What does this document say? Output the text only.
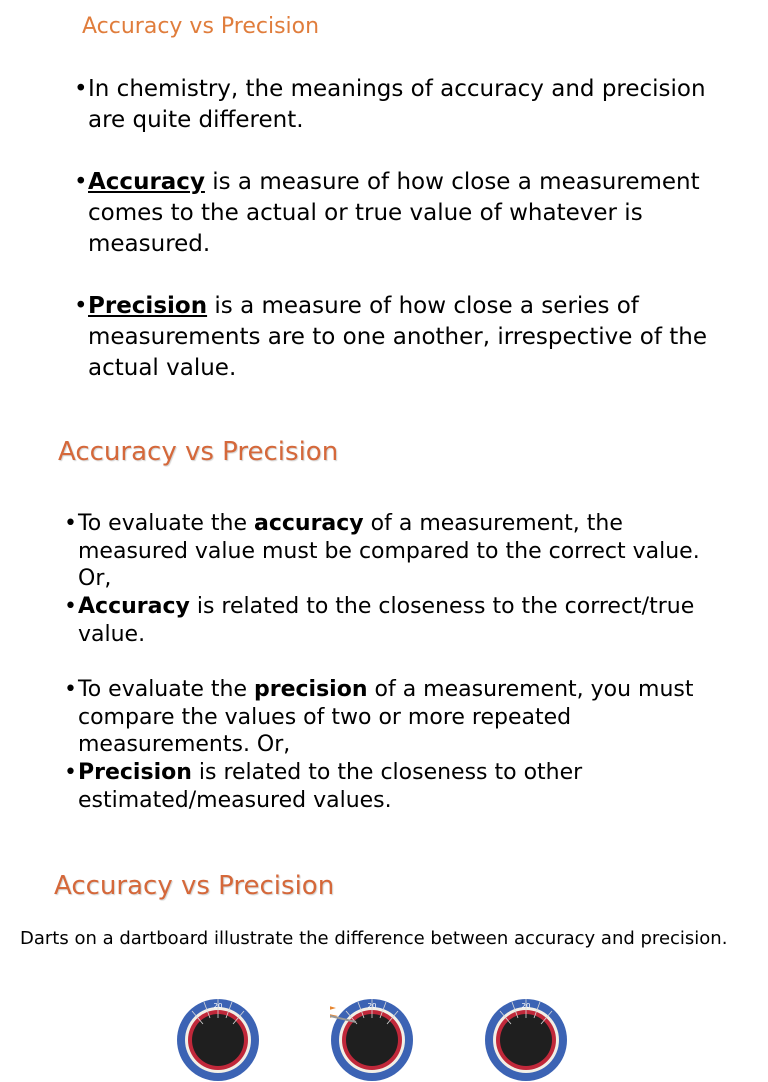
Accuracy vs Precision
• In chemistry, the meanings of accuracy and precision are quite different.
• Accuracy is a measure of how close a measurement comes to the actual or true value of whatever is measured.
• Precision is a measure of how close a series of measurements are to one another, irrespective of the actual value.
Accuracy vs Precision
• To evaluate the accuracy of a measurement, the measured value must be compared to the correct value. Or,
• Accuracy is related to the closeness to the correct/true value.
• To evaluate the precision of a measurement, you must compare the values of two or more repeated measurements. Or,
• Precision is related to the closeness to other estimated/measured values.
Accuracy vs Precision
Darts on a dartboard illustrate the difference between accuracy and precision.
20	20	20
